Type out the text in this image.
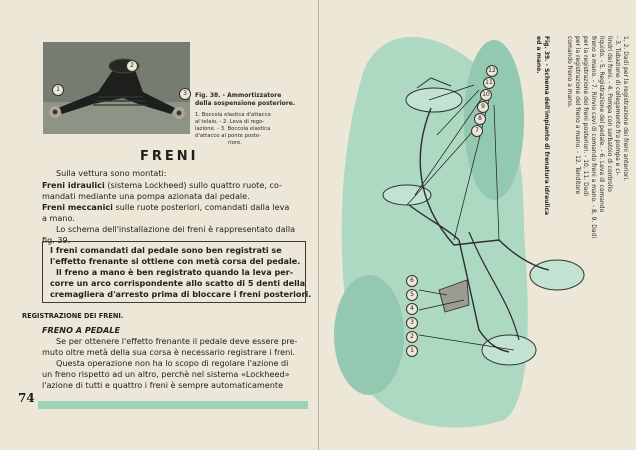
1
2
3	Fig. 38. - Ammortizzatore
della sospensione posteriore.
1. Boccola elastica d'attacco
al telaio. - 2. Leva di rego-
lazione. - 3. Boccola elastica
d'attacco al ponte poste-
riore.
FRENI
Sulla vettura sono montati:
Freni idraulici (sistema Lockheed) sullo quattro ruote, co-
mandati mediante una pompa azionata dal pedale.
Freni meccanici sulle ruote posteriori, comandati dalla leva
a mano.
Lo schema dell'installazione dei freni è rappresentato dalla
fig. 39.
I freni comandati dal pedale sono ben registrati se
l'effetto frenante si ottiene con metà corsa del pedale.
Il freno a mano è ben registrato quando la leva per-
corre un arco corrispondente allo scatto di 5 denti della
cremagliera d'arresto prima di bloccare i freni posteriori.
REGISTRAZIONE DEI FRENI.
FRENO A PEDALE
Se per ottenere l'effetto frenante il pedale deve essere pre-
muto oltre metà della sua corsa è necessario registrare i freni.
Questa operazione non ha lo scopo di regolare l'azione di
un freno rispetto ad un altro, perchè nel sistema «Lockheed»
l'azione di tutti e quattro i freni è sempre automaticamente
74
7
8
9
10
11
12
1
2
3
4
5
6
Fig. 39. - Schema dell'impianto di frenatura idraulica
ed a mano.	1, 2. Dadi per la registrazione dei freni anteriori.
- 3. Tubazione di collegamento fra pompa e ci-
lindri dei freni. - 4. Pompa con serbatoio di controllo
liquido. - 5. Registrazione del pedale. - 6. Leva di comando
freno a mano. - 7. Rinvio cavi di comando freni a mano. - 8, 9. Dadi
per la registrazione dei freni posteriori. - 10, 11. Dadi
per la registrazione del freno a mano. - 12. Tenditore
comando freno a mano.
